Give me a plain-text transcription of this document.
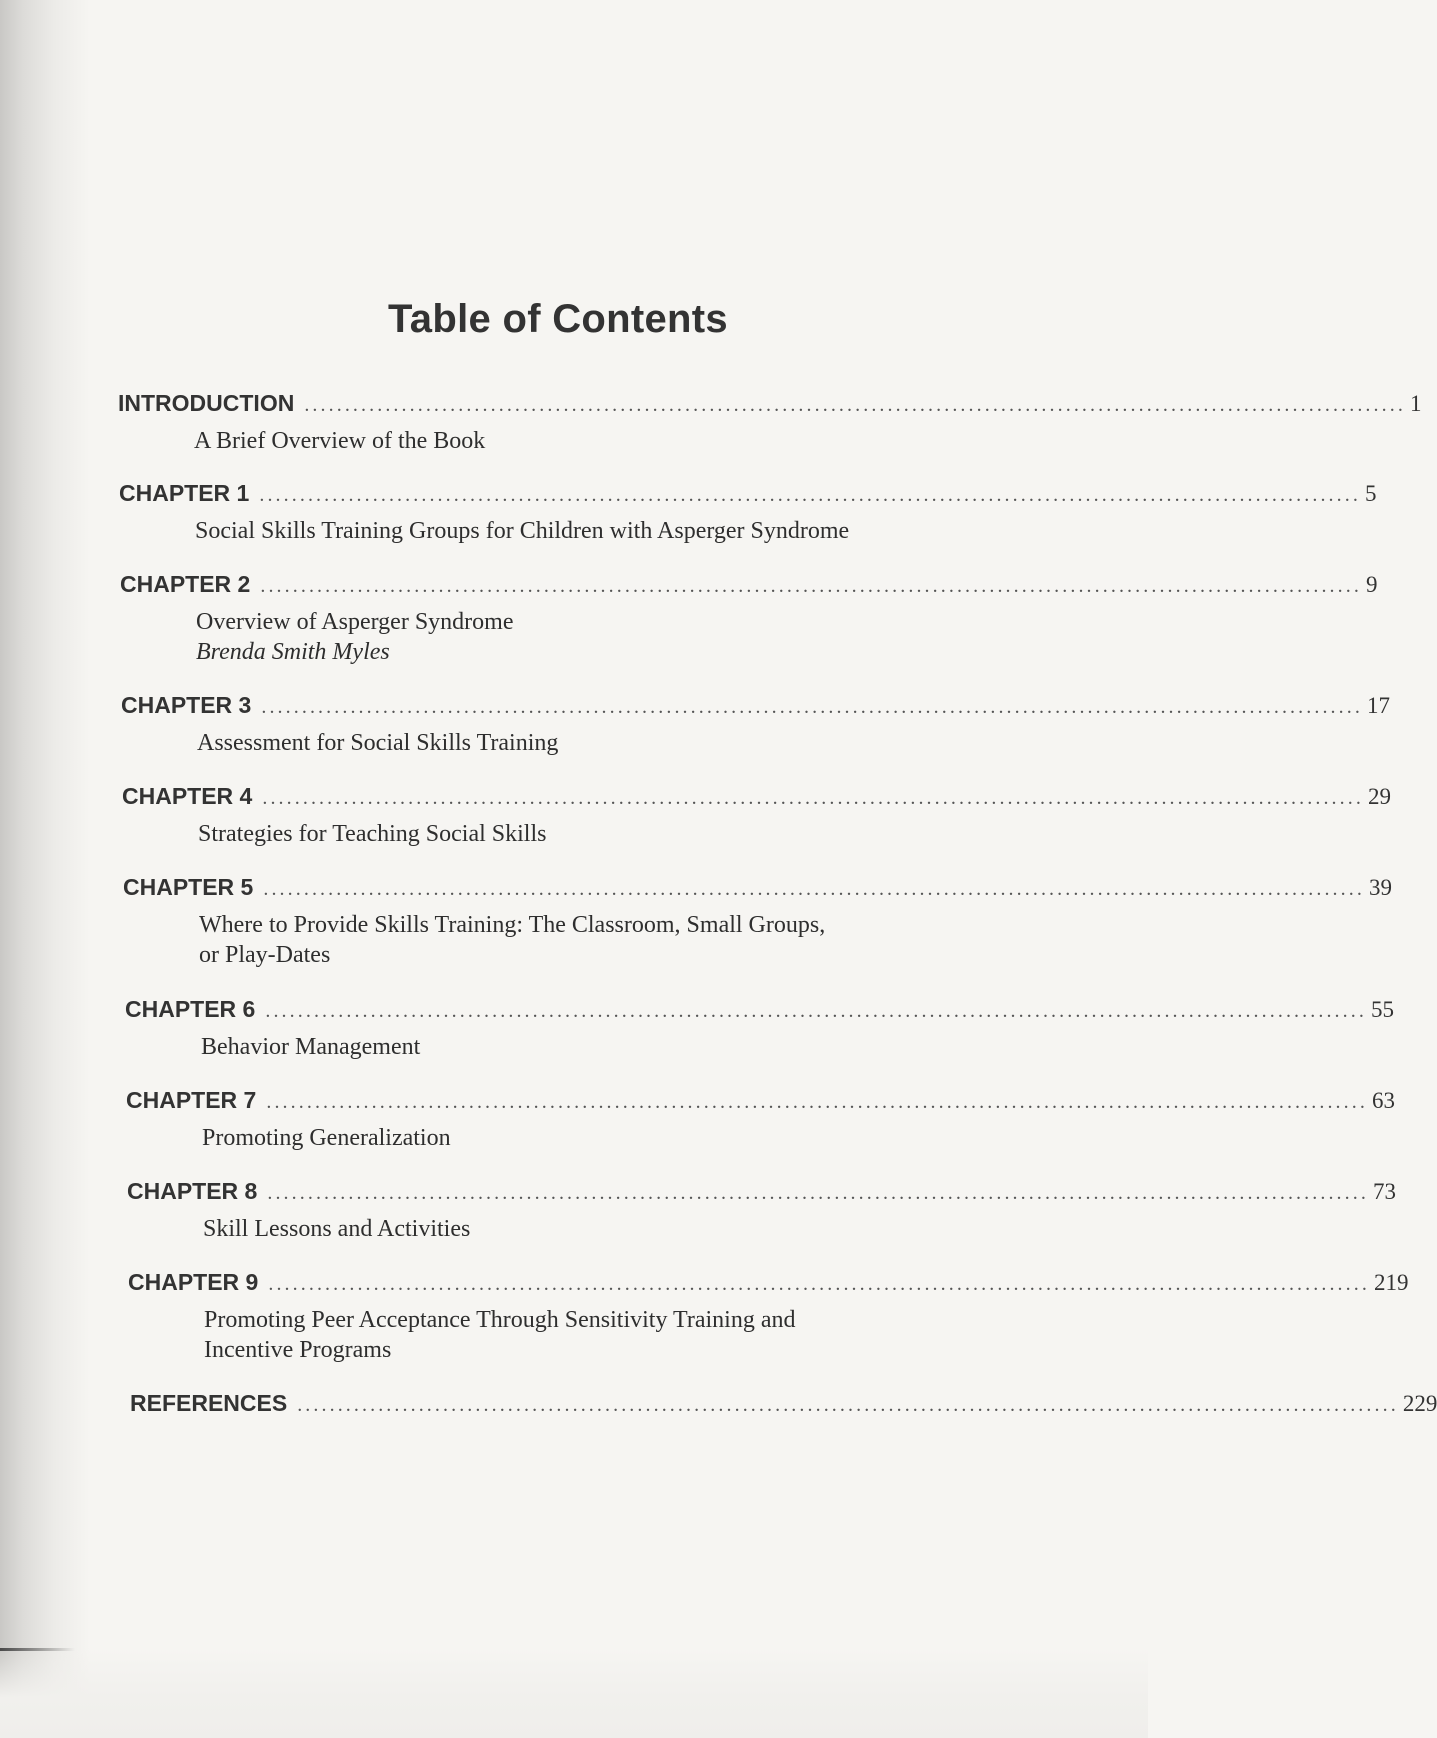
Table of Contents
INTRODUCTION ........................................................................................................................................ 1
A Brief Overview of the Book
CHAPTER 1 ........................................................................................................................................ 5
Social Skills Training Groups for Children with Asperger Syndrome
CHAPTER 2 ........................................................................................................................................ 9
Overview of Asperger Syndrome
Brenda Smith Myles
CHAPTER 3 ........................................................................................................................................ 17
Assessment for Social Skills Training
CHAPTER 4 ........................................................................................................................................ 29
Strategies for Teaching Social Skills
CHAPTER 5 ........................................................................................................................................ 39
Where to Provide Skills Training: The Classroom, Small Groups,
or Play-Dates
CHAPTER 6 ........................................................................................................................................ 55
Behavior Management
CHAPTER 7 ........................................................................................................................................ 63
Promoting Generalization
CHAPTER 8 ........................................................................................................................................ 73
Skill Lessons and Activities
CHAPTER 9 ........................................................................................................................................ 219
Promoting Peer Acceptance Through Sensitivity Training and
Incentive Programs
REFERENCES ........................................................................................................................................ 229
